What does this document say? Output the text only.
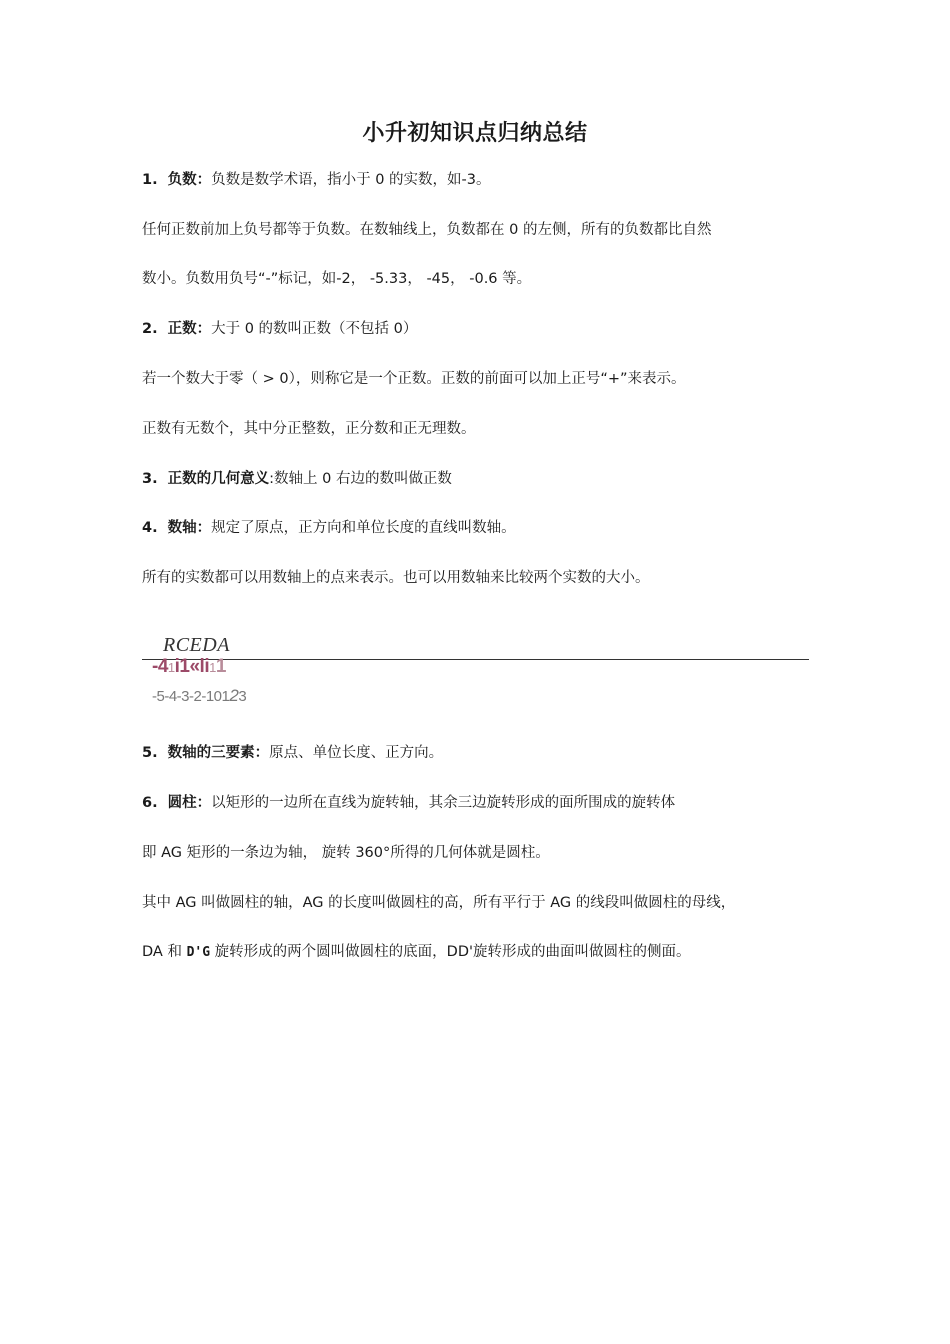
小升初知识点归纳总结
1. 负数：负数是数学术语，指小于 0 的实数，如-3。
任何正数前加上负号都等于负数。在数轴线上，负数都在 0 的左侧，所有的负数都比自然
数小。负数用负号“-”标记，如-2， -5.33， -45， -0.6 等。
2. 正数：大于 0 的数叫正数（不包括 0）
若一个数大于零（ > 0），则称它是一个正数。正数的前面可以加上正号“+”来表示。
正数有无数个，其中分正整数，正分数和正无理数。
3. 正数的几何意义:数轴上 0 右边的数叫做正数
4. 数轴：规定了原点，正方向和单位长度的直线叫数轴。
所有的实数都可以用数轴上的点来表示。也可以用数轴来比较两个实数的大小。
RCEDA
-41i1«li11
-5-4-3-2-10123
5. 数轴的三要素：原点、单位长度、正方向。
6. 圆柱：以矩形的一边所在直线为旋转轴，其余三边旋转形成的面所围成的旋转体
即 AG 矩形的一条边为轴， 旋转 360°所得的几何体就是圆柱。
其中 AG 叫做圆柱的轴，AG 的长度叫做圆柱的高，所有平行于 AG 的线段叫做圆柱的母线，
DA 和 D'G 旋转形成的两个圆叫做圆柱的底面，DD'旋转形成的曲面叫做圆柱的侧面。
